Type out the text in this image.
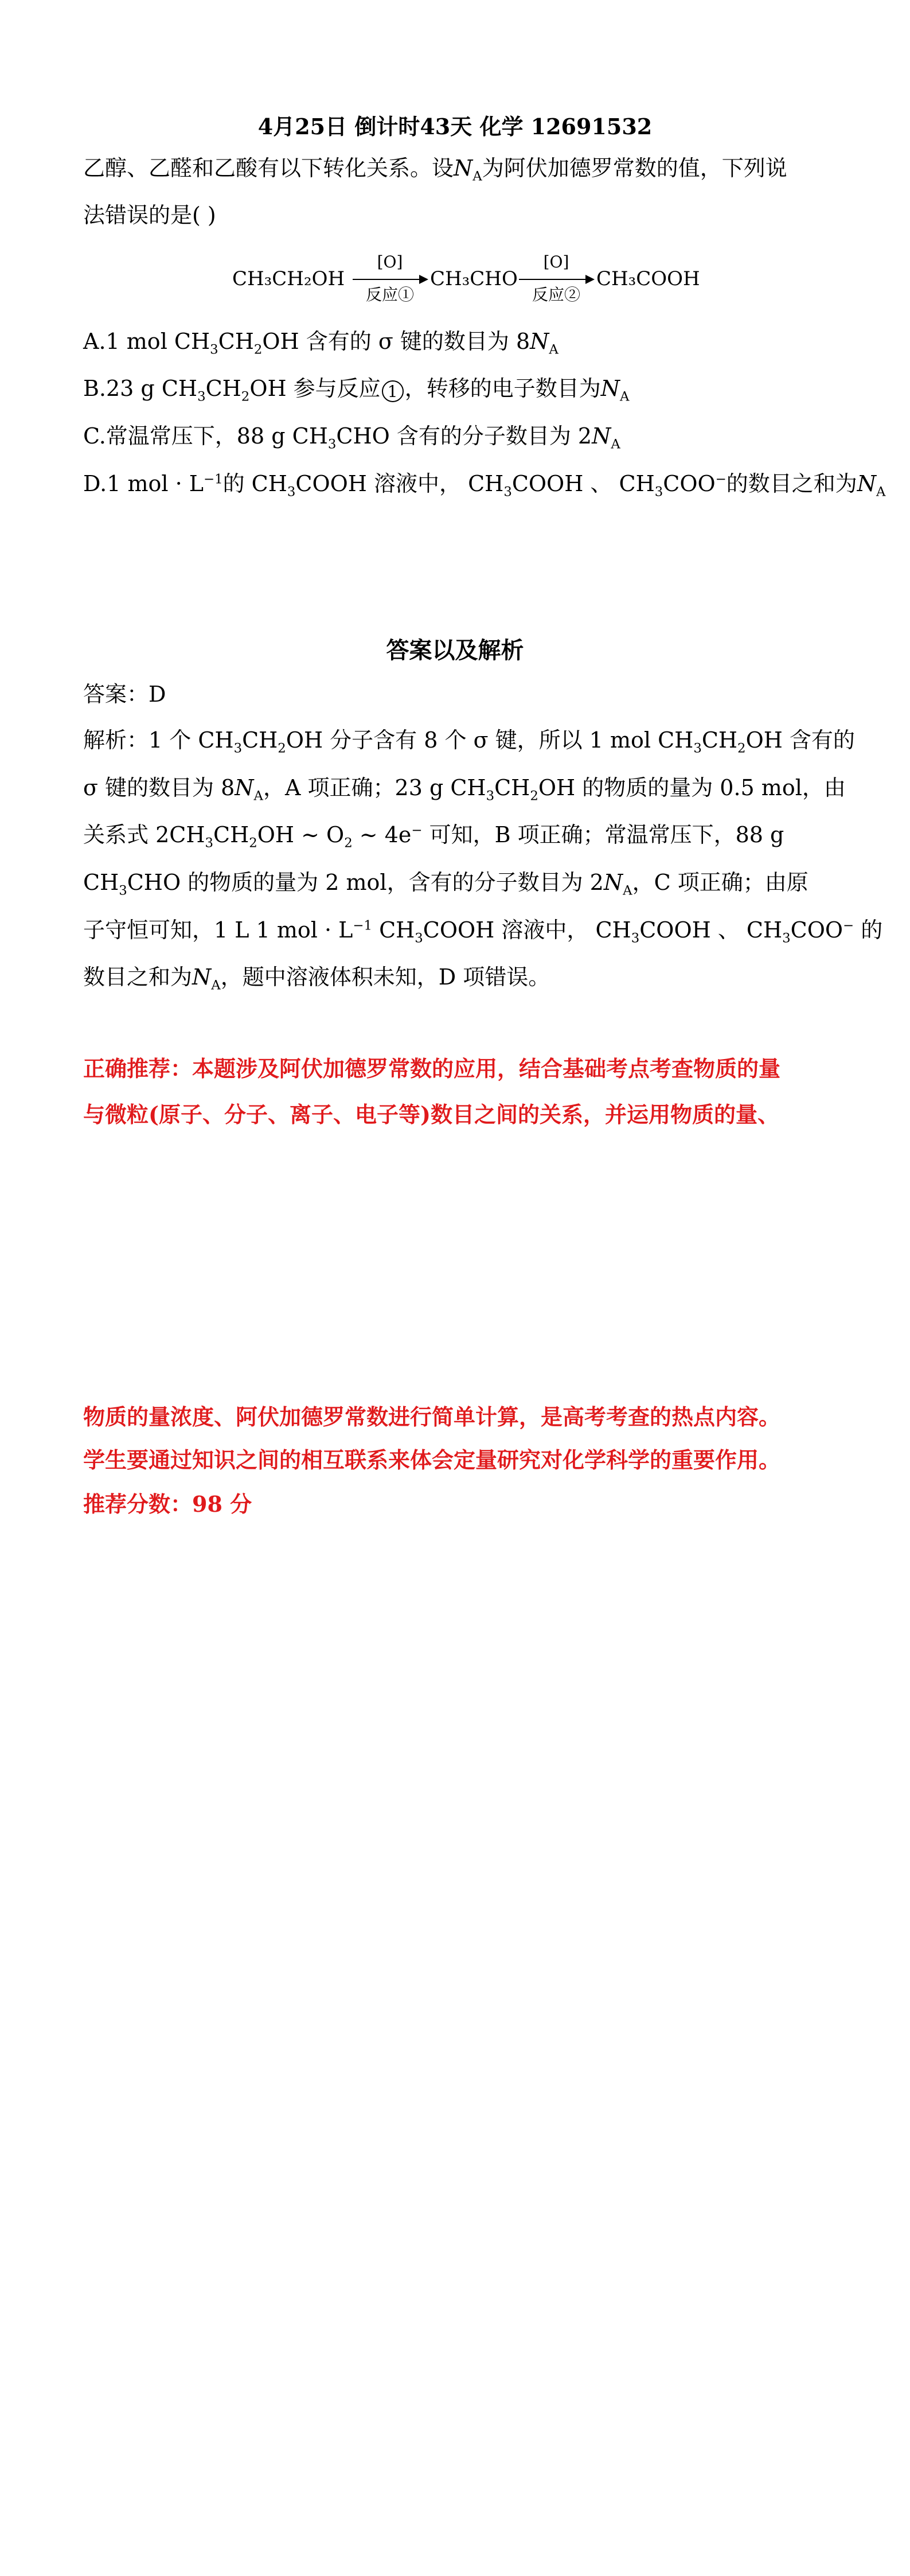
4月25日 倒计时43天 化学 12691532
乙醇、乙醛和乙酸有以下转化关系。设$N_A$为阿伏加德罗常数的值，下列说
法错误的是( )
CH₃CH₂OH
[O]
反应①
CH₃CHO
[O]
反应②
CH₃COOH
A.1 mol $CH_3CH_2OH$ 含有的 σ 键的数目为 $8N_A$
B.23 g $CH_3CH_2OH$ 参与反应 1 ，转移的电子数目为$N_A$
C.常温常压下，88 g $CH_3CHO$ 含有的分子数目为 $2N_A$
D.1 mol · $L^{-1}$的 $CH_3COOH$ 溶液中， $CH_3COOH$ 、 $CH_3COO^-$的数目之和为$N_A$
答案以及解析
答案：D
解析：1 个 $CH_3CH_2OH$ 分子含有 8 个 σ 键，所以 1 mol $CH_3CH_2OH$ 含有的
σ 键的数目为 $8N_A$，A 项正确；23 g $CH_3CH_2OH$ 的物质的量为 0.5 mol，由
关系式 $2CH_3CH_2OH$ ~ $O_2$ ~ 4e− 可知，B 项正确；常温常压下，88 g
$CH_3CHO$ 的物质的量为 2 mol，含有的分子数目为 $2N_A$，C 项正确；由原
子守恒可知，1 L 1 mol · $L^{-1}$ $CH_3COOH$ 溶液中， $CH_3COOH$ 、 $CH_3COO^-$ 的
数目之和为$N_A$，题中溶液体积未知，D 项错误。
正确推荐：本题涉及阿伏加德罗常数的应用，结合基础考点考查物质的量
与微粒(原子、分子、离子、电子等)数目之间的关系，并运用物质的量、
物质的量浓度、阿伏加德罗常数进行简单计算，是高考考查的热点内容。
学生要通过知识之间的相互联系来体会定量研究对化学科学的重要作用。
推荐分数：98 分
